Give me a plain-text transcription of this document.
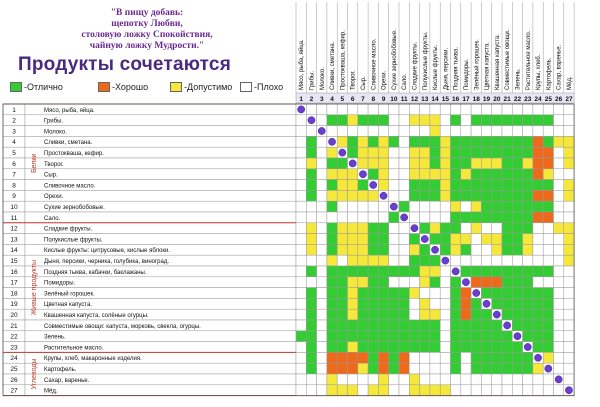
"В пищу добавь:
щепотку Любви,
столовую ложку Спокойствия,
чайную ложку Мудрости."
Продукты сочетаются
-Отлично	-Хорошо	-Допустимо -Плохо	Мясо, рыба, яйца.
1
Грибы.
2
Молоко.
3
Сливки, сметана.
4
Простокваша, кефир.
5
Творог.
6
Сыр.
7
Сливочное масло.
8
Орехи.
9
Сухие зернобобовые.
10
Сало.
11
Сладкие фрукты.
12
Полукислые фрукты.
13
Кислые фрукты.
14
Дыня, персики.
15
Поздняя тыква.
16
Помидоры.
17
Зелёный горошек.
18
Цветная капуста.
19
Квашенная капуста.
20
Совместимые овощи.
21
Зелень.
22
Растительное масло.
23
Крупы, хлеб.
24
Картофель.
25
Сахар, варенье.
26
Мёд.
27
1	Мясо, рыба, яйца.
2	Грибы.
3	Молоко.
4	Сливки, сметана.
5	Простокваша, кефир.
6	Творог.
7	Сыр.
8	Сливочное масло.
9	Орехи.
10	Сухие зернобобовые.
11	Сало.
12	Сладкие фрукты.
13	Полукислые фрукты.
14	Кислые фрукты: цитрусовые, кислые яблоки.
15	Дыня, персики, черника, голубика, виноград.
16	Поздняя тыква, кабачки, баклажаны.
17	Помидоры.
18	Зелёный горошек.
19	Цветная капуста.
20	Квашенная капуста, солёные огурцы.
21	Совместимые овощи: капуста, морковь, свекла, огурцы.
22	Зелень.
23	Растительное масло.
24	Крупы, хлеб, макаронные изделия.
25	Картофель.
26	Сахар, варенье.
27	Мёд.
Белки
Живые продукты
Углеводы
